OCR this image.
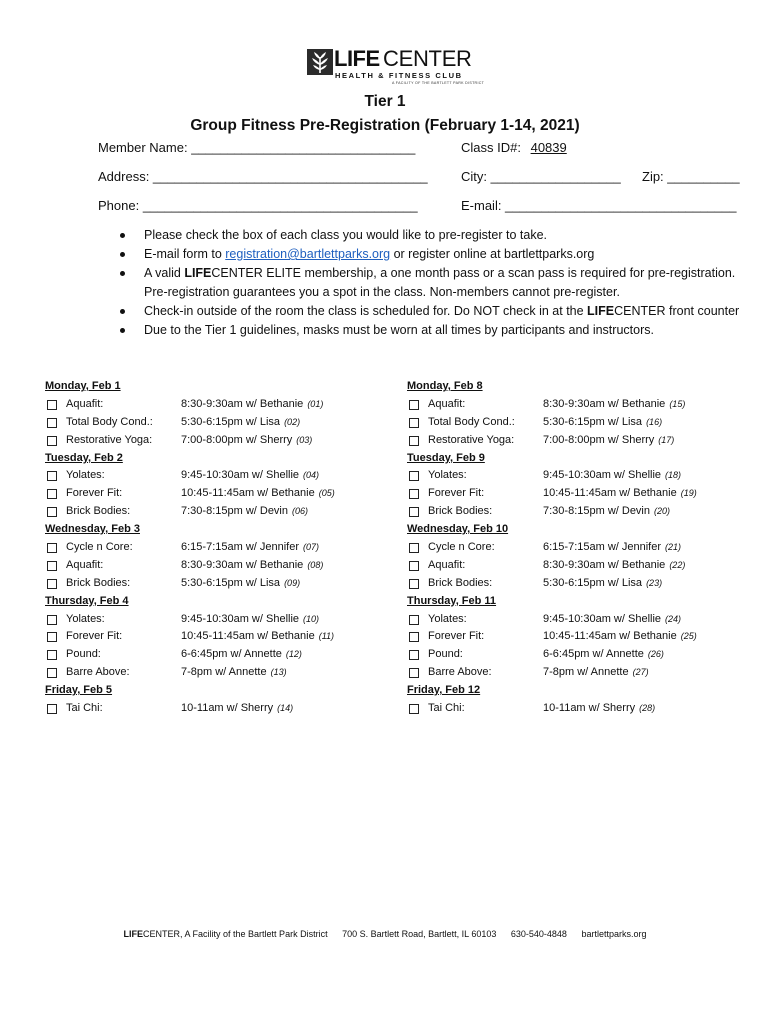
LIFE CENTER
HEALTH & FITNESS CLUB
A FACILITY OF THE BARTLETT PARK DISTRICT
Tier 1
Group Fitness Pre-Registration (February 1-14, 2021)
Member Name: _______________________________	Class ID#: 40839
Address: ______________________________________	City: __________________ Zip: __________
Phone: ______________________________________	E-mail: ________________________________
Please check the box of each class you would like to pre-register to take.
E-mail form to registration@bartlettparks.org or register online at bartlettparks.org
A valid LIFECENTER ELITE membership, a one month pass or a scan pass is required for pre-registration. Pre-registration guarantees you a spot in the class. Non-members cannot pre-register.
Check-in outside of the room the class is scheduled for. Do NOT check in at the LIFECENTER front counter
Due to the Tier 1 guidelines, masks must be worn at all times by participants and instructors.
Monday, Feb 1
Aquafit:	8:30-9:30am w/ Bethanie (01)
Total Body Cond.:	5:30-6:15pm w/ Lisa (02)
Restorative Yoga:	7:00-8:00pm w/ Sherry (03)
Tuesday, Feb 2
Yolates:	9:45-10:30am w/ Shellie (04)
Forever Fit:	10:45-11:45am w/ Bethanie (05)
Brick Bodies:	7:30-8:15pm w/ Devin (06)
Wednesday, Feb 3
Cycle n Core:	6:15-7:15am w/ Jennifer (07)
Aquafit:	8:30-9:30am w/ Bethanie (08)
Brick Bodies:	5:30-6:15pm w/ Lisa (09)
Thursday, Feb 4
Yolates:	9:45-10:30am w/ Shellie (10)
Forever Fit:	10:45-11:45am w/ Bethanie (11)
Pound:	6-6:45pm w/ Annette (12)
Barre Above:	7-8pm w/ Annette (13)
Friday, Feb 5
Tai Chi:	10-11am w/ Sherry (14)
Monday, Feb 8
Aquafit:	8:30-9:30am w/ Bethanie (15)
Total Body Cond.:	5:30-6:15pm w/ Lisa (16)
Restorative Yoga:	7:00-8:00pm w/ Sherry (17)
Tuesday, Feb 9
Yolates:	9:45-10:30am w/ Shellie (18)
Forever Fit:	10:45-11:45am w/ Bethanie (19)
Brick Bodies:	7:30-8:15pm w/ Devin (20)
Wednesday, Feb 10
Cycle n Core:	6:15-7:15am w/ Jennifer (21)
Aquafit:	8:30-9:30am w/ Bethanie (22)
Brick Bodies:	5:30-6:15pm w/ Lisa (23)
Thursday, Feb 11
Yolates:	9:45-10:30am w/ Shellie (24)
Forever Fit:	10:45-11:45am w/ Bethanie (25)
Pound:	6-6:45pm w/ Annette (26)
Barre Above:	7-8pm w/ Annette (27)
Friday, Feb 12
Tai Chi:	10-11am w/ Sherry (28)
LIFECENTER, A Facility of the Bartlett Park District 700 S. Bartlett Road, Bartlett, IL 60103 630-540-4848 bartlettparks.org
